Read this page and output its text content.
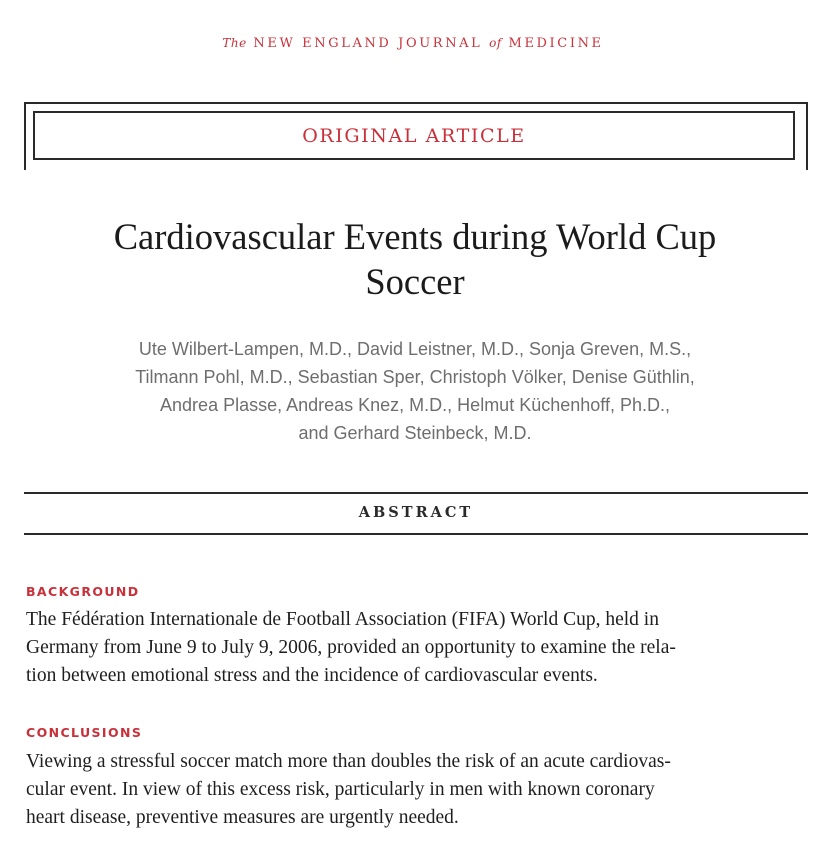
The NEW ENGLAND JOURNAL of MEDICINE
ORIGINAL ARTICLE
Cardiovascular Events during World Cup
Soccer
Ute Wilbert-Lampen, M.D., David Leistner, M.D., Sonja Greven, M.S.,
Tilmann Pohl, M.D., Sebastian Sper, Christoph Völker, Denise Güthlin,
Andrea Plasse, Andreas Knez, M.D., Helmut Küchenhoff, Ph.D.,
and Gerhard Steinbeck, M.D.
ABSTRACT
BACKGROUND
The Fédération Internationale de Football Association (FIFA) World Cup, held in
Germany from June 9 to July 9, 2006, provided an opportunity to examine the rela-
tion between emotional stress and the incidence of cardiovascular events.
CONCLUSIONS
Viewing a stressful soccer match more than doubles the risk of an acute cardiovas-
cular event. In view of this excess risk, particularly in men with known coronary
heart disease, preventive measures are urgently needed.
